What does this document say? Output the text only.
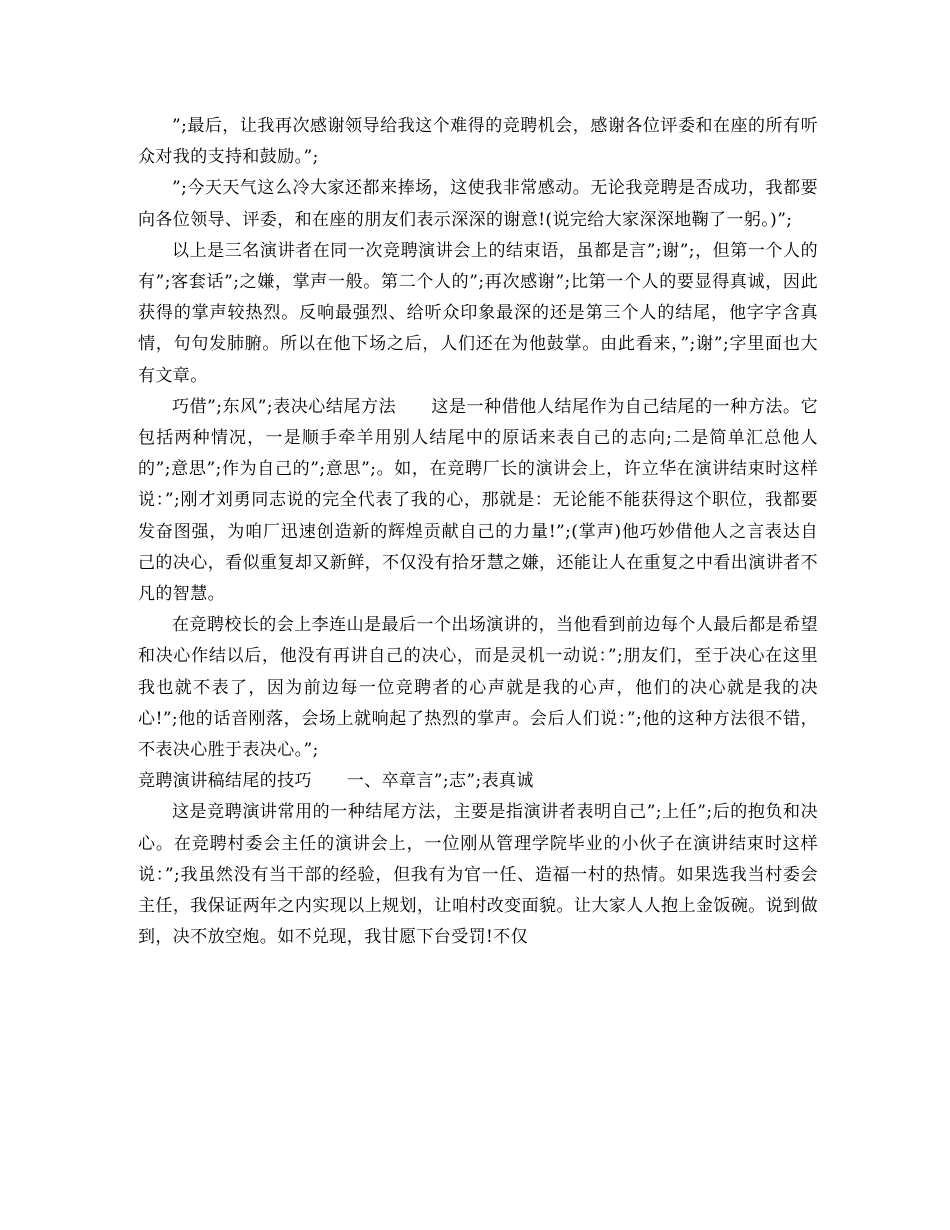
”;最后，让我再次感谢领导给我这个难得的竞聘机会，感谢各位评委和在座的所有听众对我的支持和鼓励。”;

”;今天天气这么冷大家还都来捧场，这使我非常感动。无论我竞聘是否成功，我都要向各位领导、评委，和在座的朋友们表示深深的谢意!(说完给大家深深地鞠了一躬。)”;

以上是三名演讲者在同一次竞聘演讲会上的结束语，虽都是言”;谢”;，但第一个人的有”;客套话”;之嫌，掌声一般。第二个人的”;再次感谢”;比第一个人的要显得真诚，因此获得的掌声较热烈。反响最强烈、给听众印象最深的还是第三个人的结尾，他字字含真情，句句发肺腑。所以在他下场之后，人们还在为他鼓掌。由此看来，”;谢”;字里面也大有文章。

巧借”;东风”;表决心结尾方法　　这是一种借他人结尾作为自己结尾的一种方法。它包括两种情况，一是顺手牵羊用别人结尾中的原话来表自己的志向;二是简单汇总他人的”;意思”;作为自己的”;意思”;。如，在竞聘厂长的演讲会上，许立华在演讲结束时这样说：”;刚才刘勇同志说的完全代表了我的心，那就是：无论能不能获得这个职位，我都要发奋图强，为咱厂迅速创造新的辉煌贡献自己的力量!”;(掌声)他巧妙借他人之言表达自己的决心，看似重复却又新鲜，不仅没有拾牙慧之嫌，还能让人在重复之中看出演讲者不凡的智慧。

在竞聘校长的会上李连山是最后一个出场演讲的，当他看到前边每个人最后都是希望和决心作结以后，他没有再讲自己的决心，而是灵机一动说：”;朋友们，至于决心在这里我也就不表了，因为前边每一位竞聘者的心声就是我的心声，他们的决心就是我的决心!”;他的话音刚落，会场上就响起了热烈的掌声。会后人们说：”;他的这种方法很不错，不表决心胜于表决心。”;

竞聘演讲稿结尾的技巧　　一、卒章言”;志”;表真诚

这是竞聘演讲常用的一种结尾方法，主要是指演讲者表明自己”;上任”;后的抱负和决心。在竞聘村委会主任的演讲会上，一位刚从管理学院毕业的小伙子在演讲结束时这样说：”;我虽然没有当干部的经验，但我有为官一任、造福一村的热情。如果选我当村委会主任，我保证两年之内实现以上规划，让咱村改变面貌。让大家人人抱上金饭碗。说到做到，决不放空炮。如不兑现，我甘愿下台受罚!不仅
